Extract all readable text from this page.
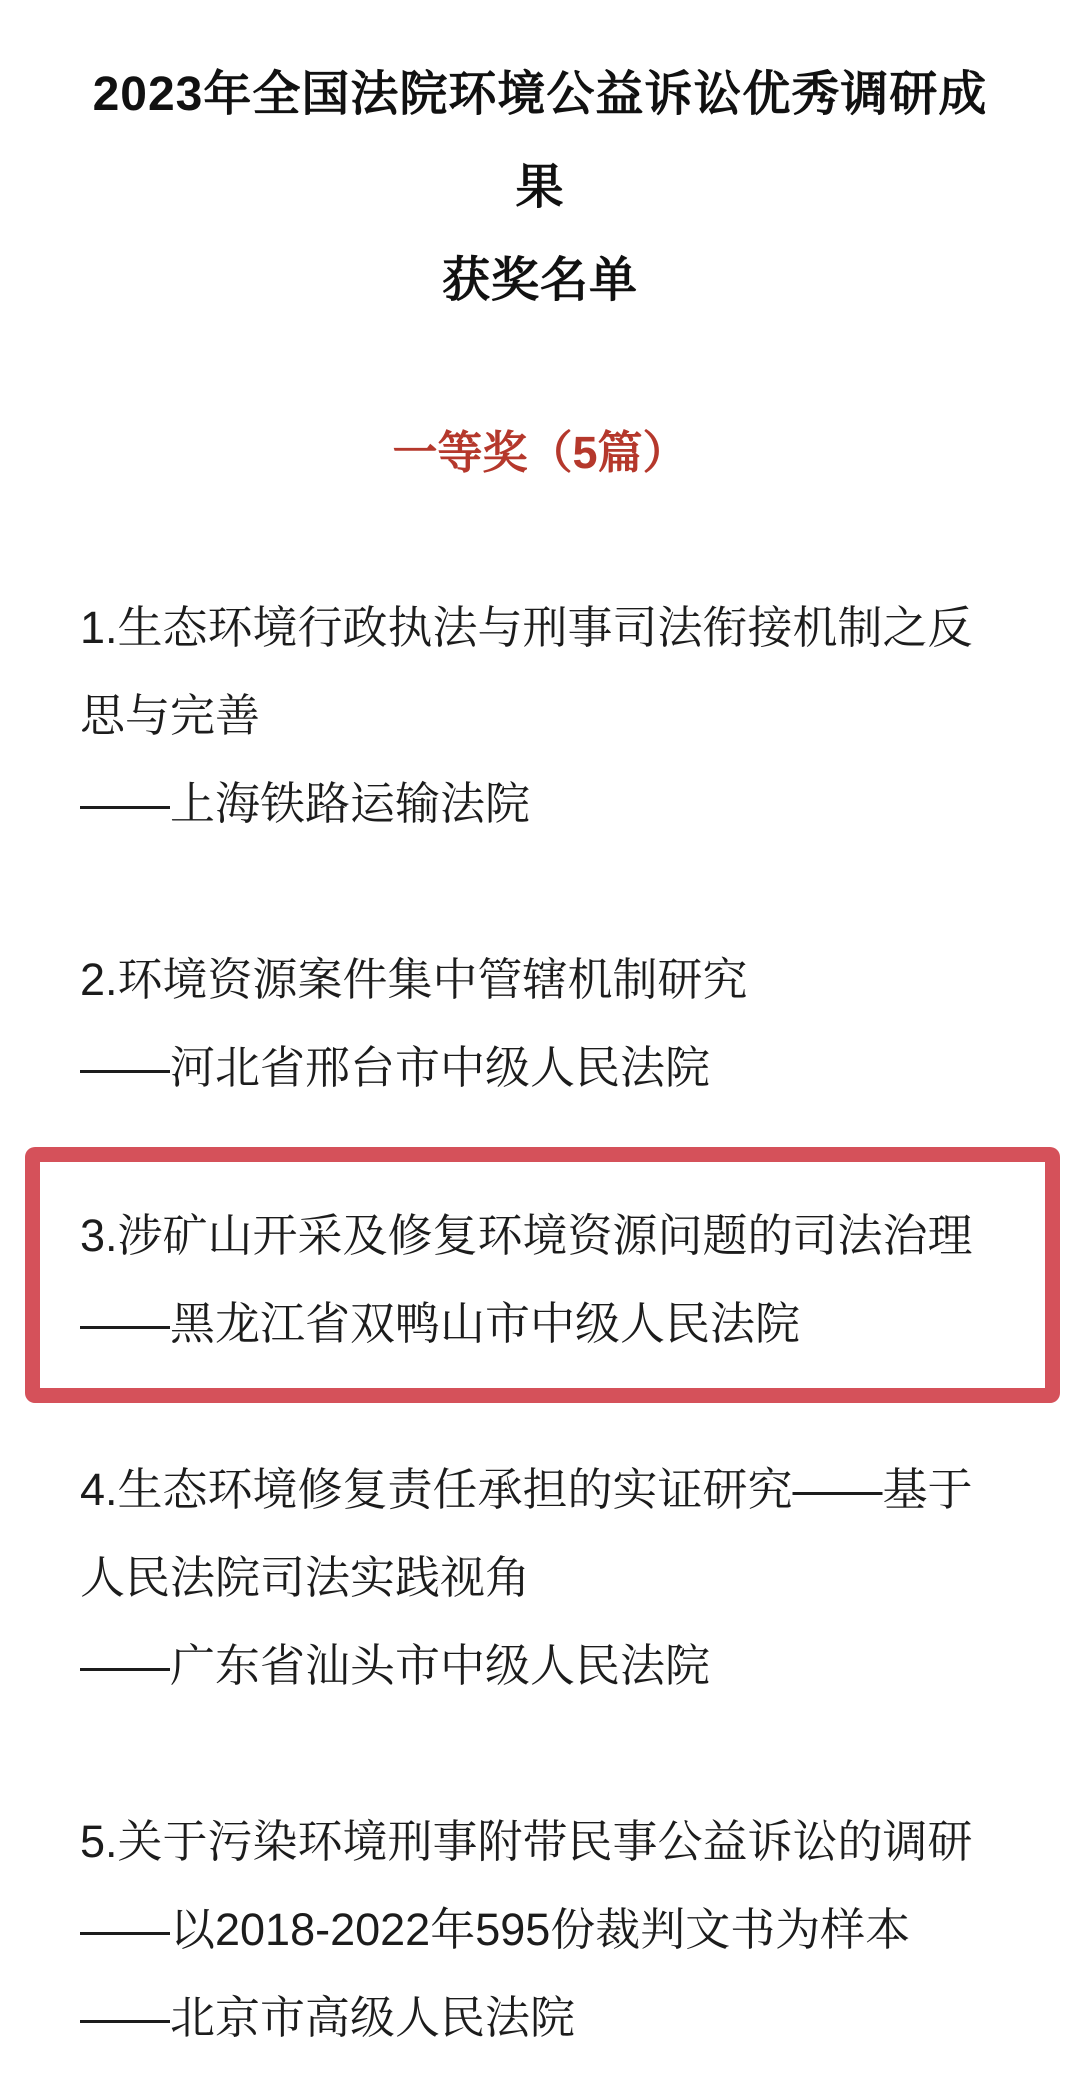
2023年全国法院环境公益诉讼优秀调研成果
获奖名单
一等奖（5篇）

1.生态环境行政执法与刑事司法衔接机制之反思与完善

——上海铁路运输法院

2.环境资源案件集中管辖机制研究

——河北省邢台市中级人民法院

3.涉矿山开采及修复环境资源问题的司法治理

——黑龙江省双鸭山市中级人民法院

4.生态环境修复责任承担的实证研究——基于人民法院司法实践视角

——广东省汕头市中级人民法院

5.关于污染环境刑事附带民事公益诉讼的调研

——以2018-2022年595份裁判文书为样本

——北京市高级人民法院
